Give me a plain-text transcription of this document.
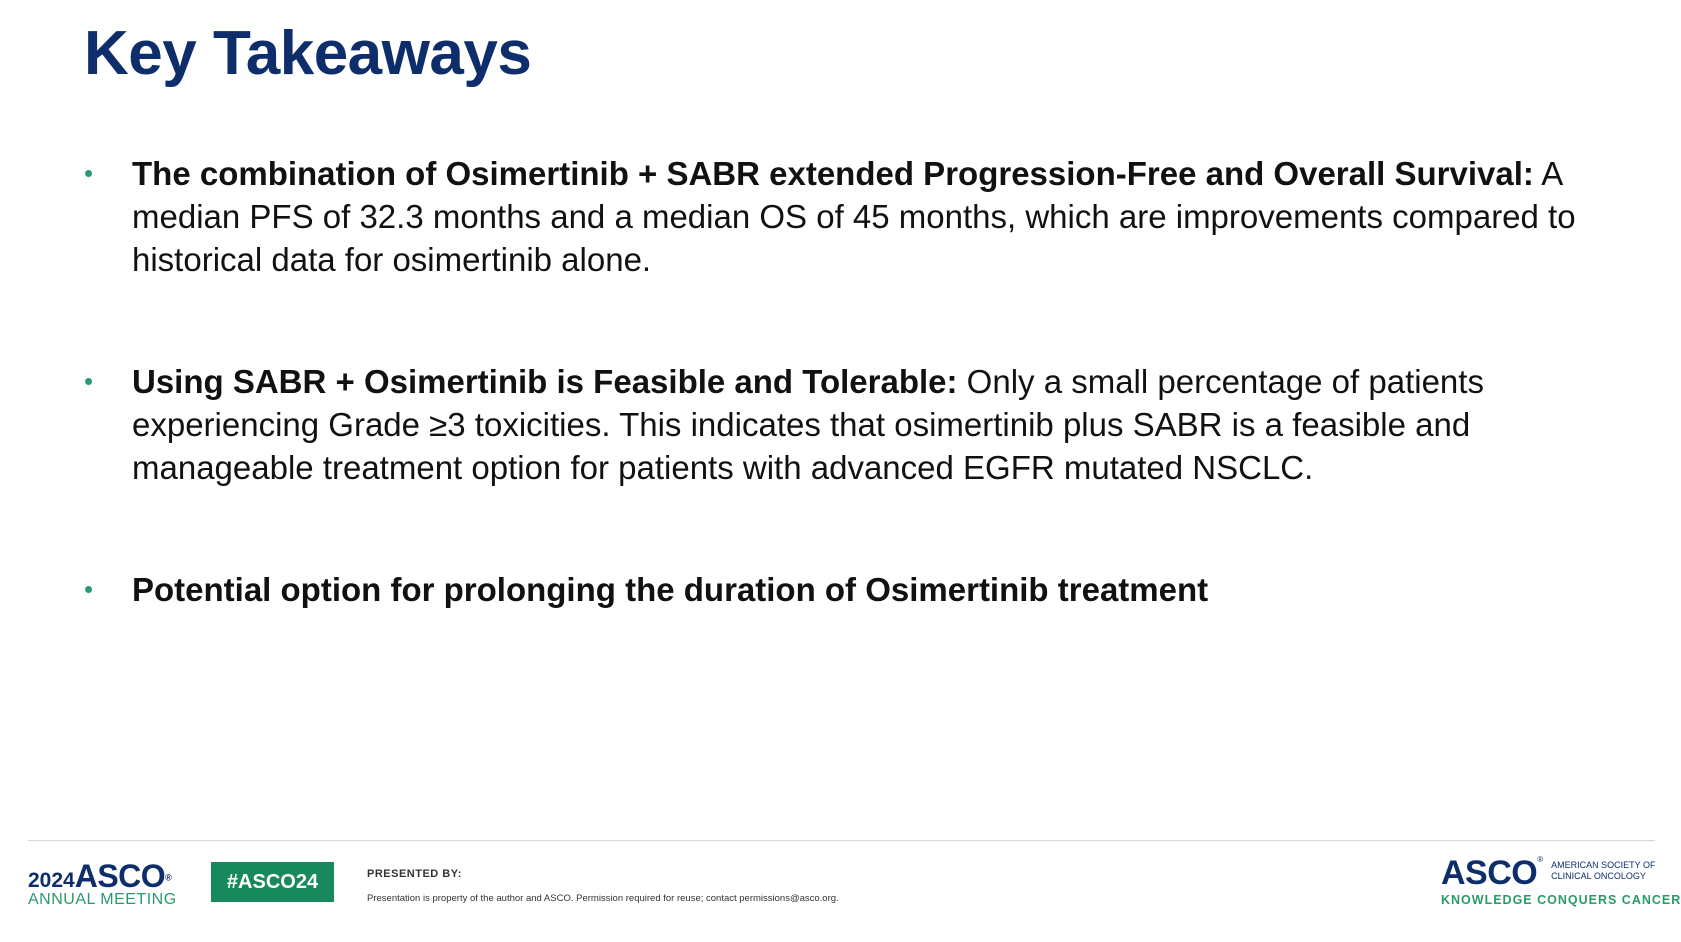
Key Takeaways
• The combination of Osimertinib + SABR extended Progression-Free and Overall Survival: A median PFS of 32.3 months and a median OS of 45 months, which are improvements compared to historical data for osimertinib alone.
• Using SABR + Osimertinib is Feasible and Tolerable: Only a small percentage of patients experiencing Grade ≥3 toxicities. This indicates that osimertinib plus SABR is a feasible and manageable treatment option for patients with advanced EGFR mutated NSCLC.
• Potential option for prolonging the duration of Osimertinib treatment
2024ASCO®
ANNUAL MEETING
#ASCO24	PRESENTED BY:
Presentation is property of the author and ASCO. Permission required for reuse; contact permissions@asco.org.
ASCO®
AMERICAN SOCIETY OF
CLINICAL ONCOLOGY
KNOWLEDGE CONQUERS CANCER
